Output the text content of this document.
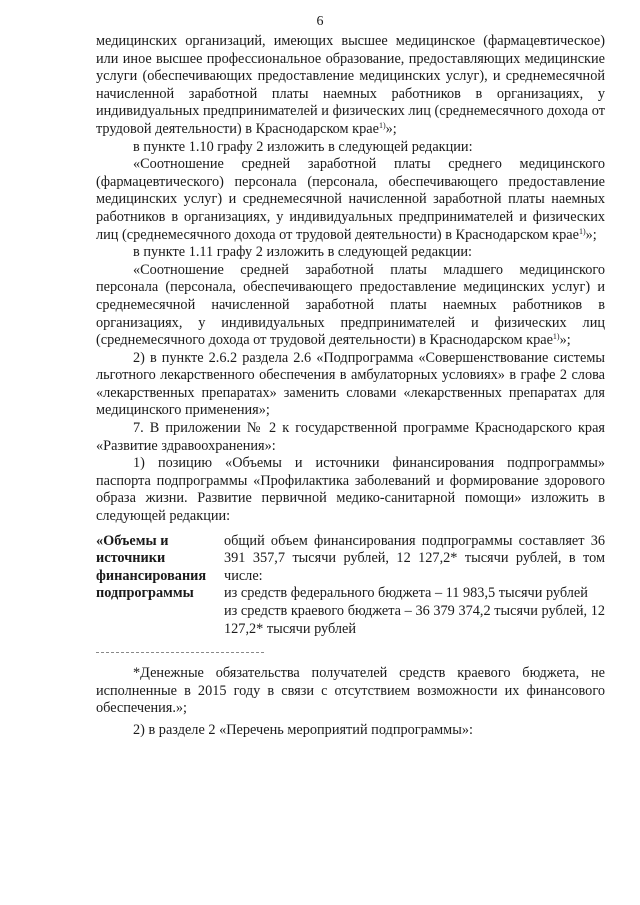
6

медицинских организаций, имеющих высшее медицинское (фармацевтическое) или иное высшее профессиональное образование, предоставляющих медицинские услуги (обеспечивающих предоставление медицинских услуг), и среднемесячной начисленной заработной платы наемных работников в организациях, у индивидуальных предпринимателей и физических лиц (среднемесячного дохода от трудовой деятельности) в Краснодарском крае$^{1)}$»;

в пункте 1.10 графу 2 изложить в следующей редакции:

«Соотношение средней заработной платы среднего медицинского (фармацевтического) персонала (персонала, обеспечивающего предоставление медицинских услуг) и среднемесячной начисленной заработной платы наемных работников в организациях, у индивидуальных предпринимателей и физических лиц (среднемесячного дохода от трудовой деятельности) в Краснодарском крае$^{1)}$»;

в пункте 1.11 графу 2 изложить в следующей редакции:

«Соотношение средней заработной платы младшего медицинского персонала (персонала, обеспечивающего предоставление медицинских услуг) и среднемесячной начисленной заработной платы наемных работников в организациях, у индивидуальных предпринимателей и физических лиц (среднемесячного дохода от трудовой деятельности) в Краснодарском крае$^{1)}$»;

2) в пункте 2.6.2 раздела 2.6 «Подпрограмма «Совершенствование системы льготного лекарственного обеспечения в амбулаторных условиях» в графе 2 слова «лекарственных препаратах» заменить словами «лекарственных препаратах для медицинского применения»;

7. В приложении № 2 к государственной программе Краснодарского края «Развитие здравоохранения»:

1) позицию «Объемы и источники финансирования подпрограммы» паспорта подпрограммы «Профилактика заболеваний и формирование здорового образа жизни. Развитие первичной медико-санитарной помощи» изложить в следующей редакции:

«Объемы и
источники
финансирования
подпрограммы

общий объем финансирования подпрограммы составляет 36 391 357,7 тысячи рублей, 12 127,2* тысячи рублей, в том числе:

из средств федерального бюджета – 11 983,5 тысячи рублей

из средств краевого бюджета – 36 379 374,2 тысячи рублей, 12 127,2* тысячи рублей

*Денежные обязательства получателей средств краевого бюджета, не исполненные в 2015 году в связи с отсутствием возможности их финансового обеспечения.»;

2) в разделе 2 «Перечень мероприятий подпрограммы»:
